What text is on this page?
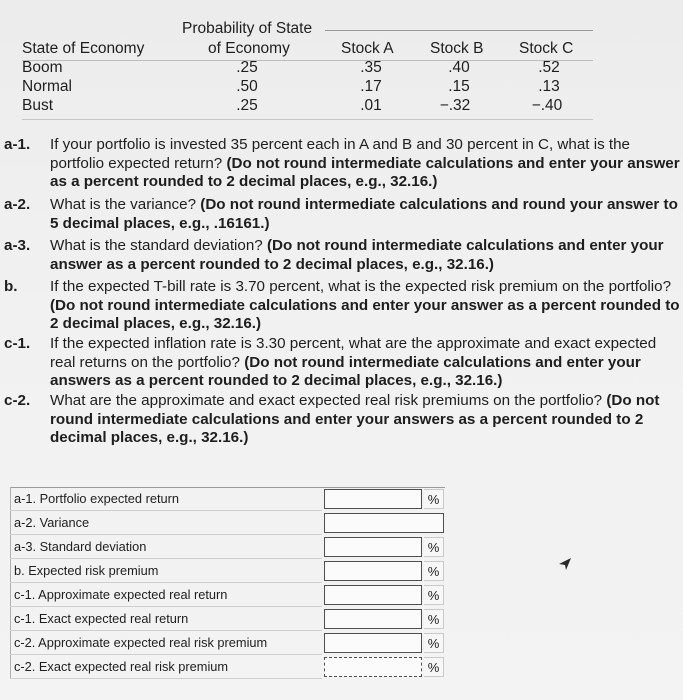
Probability of State
State of Economy	of Economy	Stock A Stock B Stock C
Boom	.25	.35	.40	.52
Normal	.50	.17	.15	.13
Bust	.25	.01	−.32	−.40
a-1.	If your portfolio is invested 35 percent each in A and B and 30 percent in C, what is the portfolio expected return? (Do not round intermediate calculations and enter your answer as a percent rounded to 2 decimal places, e.g., 32.16.)
a-2.	What is the variance? (Do not round intermediate calculations and round your answer to 5 decimal places, e.g., .16161.)
a-3.	What is the standard deviation? (Do not round intermediate calculations and enter your answer as a percent rounded to 2 decimal places, e.g., 32.16.)
b.	If the expected T-bill rate is 3.70 percent, what is the expected risk premium on the portfolio? (Do not round intermediate calculations and enter your answer as a percent rounded to 2 decimal places, e.g., 32.16.)
c-1.	If the expected inflation rate is 3.30 percent, what are the approximate and exact expected real returns on the portfolio? (Do not round intermediate calculations and enter your answers as a percent rounded to 2 decimal places, e.g., 32.16.)
c-2.	What are the approximate and exact expected real risk premiums on the portfolio? (Do not round intermediate calculations and enter your answers as a percent rounded to 2 decimal places, e.g., 32.16.)
a-1. Portfolio expected return	%
a-2. Variance
a-3. Standard deviation	%
b. Expected risk premium	%
c-1. Approximate expected real return	%
c-1. Exact expected real return	%
c-2. Approximate expected real risk premium	%
c-2. Exact expected real risk premium	%
